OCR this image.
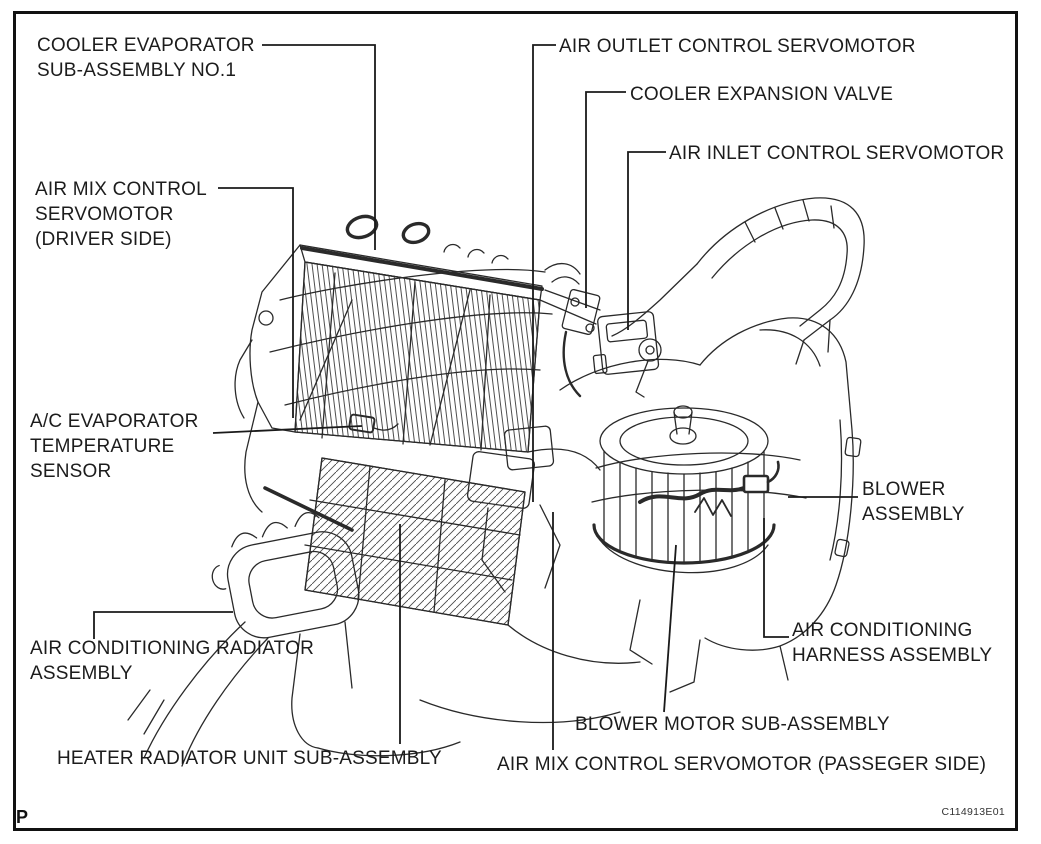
COOLER EVAPORATOR
SUB-ASSEMBLY NO.1
AIR MIX CONTROL
SERVOMOTOR
(DRIVER SIDE)
AIR OUTLET CONTROL SERVOMOTOR
COOLER EXPANSION VALVE
AIR INLET CONTROL SERVOMOTOR
A/C EVAPORATOR
TEMPERATURE
SENSOR
AIR CONDITIONING RADIATOR
ASSEMBLY
HEATER RADIATOR UNIT SUB-ASSEMBLY
BLOWER
ASSEMBLY
AIR CONDITIONING
HARNESS ASSEMBLY
BLOWER MOTOR SUB-ASSEMBLY
AIR MIX CONTROL SERVOMOTOR (PASSEGER SIDE)
P	C114913E01
